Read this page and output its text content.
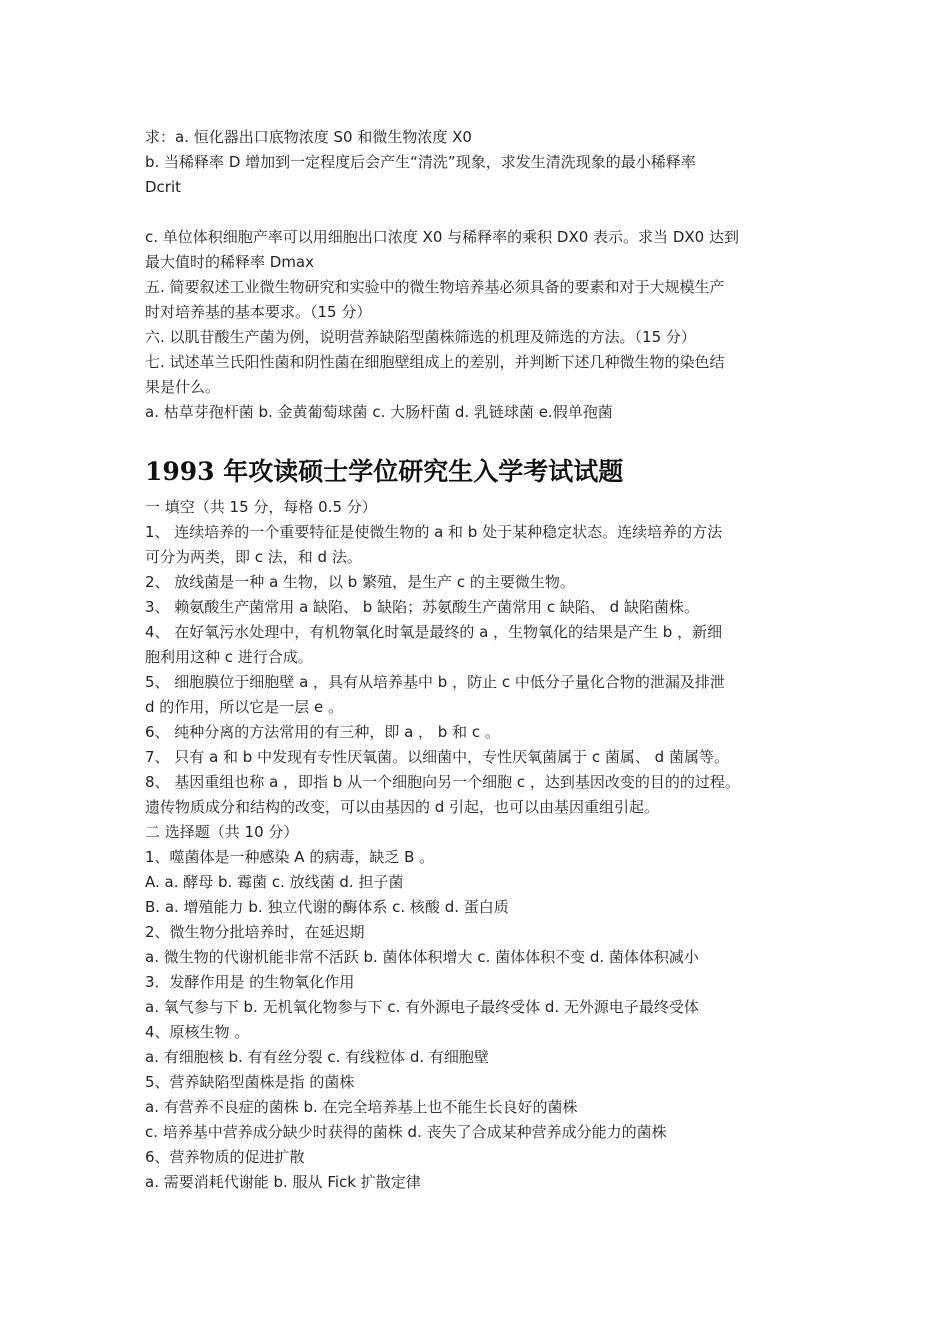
求：a. 恒化器出口底物浓度 S0 和微生物浓度 X0
b. 当稀释率 D 增加到一定程度后会产生“清洗”现象，求发生清洗现象的最小稀释率
Dcrit

c. 单位体积细胞产率可以用细胞出口浓度 X0 与稀释率的乘积 DX0 表示。求当 DX0 达到
最大值时的稀释率 Dmax
五. 简要叙述工业微生物研究和实验中的微生物培养基必须具备的要素和对于大规模生产
时对培养基的基本要求。（15 分）
六. 以肌苷酸生产菌为例，说明营养缺陷型菌株筛选的机理及筛选的方法。（15 分）
七. 试述革兰氏阳性菌和阴性菌在细胞壁组成上的差别，并判断下述几种微生物的染色结
果是什么。
a. 枯草芽孢杆菌 b. 金黄葡萄球菌 c. 大肠杆菌 d. 乳链球菌 e.假单孢菌
1993 年攻读硕士学位研究生入学考试试题
一 填空（共 15 分，每格 0.5 分）
1、 连续培养的一个重要特征是使微生物的 a 和 b 处于某种稳定状态。连续培养的方法
可分为两类，即 c 法，和 d 法。
2、 放线菌是一种 a 生物，以 b 繁殖，是生产 c 的主要微生物。
3、 赖氨酸生产菌常用 a 缺陷、 b 缺陷；苏氨酸生产菌常用 c 缺陷、 d 缺陷菌株。
4、 在好氧污水处理中，有机物氧化时氧是最终的 a ，生物氧化的结果是产生 b ，新细
胞利用这种 c 进行合成。
5、 细胞膜位于细胞壁 a ，具有从培养基中 b ，防止 c 中低分子量化合物的泄漏及排泄
d 的作用，所以它是一层 e 。
6、 纯种分离的方法常用的有三种，即 a ， b 和 c 。
7、 只有 a 和 b 中发现有专性厌氧菌。以细菌中，专性厌氧菌属于 c 菌属、 d 菌属等。
8、 基因重组也称 a ，即指 b 从一个细胞向另一个细胞 c ，达到基因改变的目的的过程。
遗传物质成分和结构的改变，可以由基因的 d 引起，也可以由基因重组引起。
二 选择题（共 10 分）
1、噬菌体是一种感染 A 的病毒，缺乏 B 。
A. a. 酵母 b. 霉菌 c. 放线菌 d. 担子菌
B. a. 增殖能力 b. 独立代谢的酶体系 c. 核酸 d. 蛋白质
2、微生物分批培养时，在延迟期
a. 微生物的代谢机能非常不活跃 b. 菌体体积增大 c. 菌体体积不变 d. 菌体体积减小
3．发酵作用是 的生物氧化作用
a. 氧气参与下 b. 无机氧化物参与下 c. 有外源电子最终受体 d. 无外源电子最终受体
4、原核生物 。
a. 有细胞核 b. 有有丝分裂 c. 有线粒体 d. 有细胞壁
5、营养缺陷型菌株是指 的菌株
a. 有营养不良症的菌株 b. 在完全培养基上也不能生长良好的菌株
c. 培养基中营养成分缺少时获得的菌株 d. 丧失了合成某种营养成分能力的菌株
6、营养物质的促进扩散
a. 需要消耗代谢能 b. 服从 Fick 扩散定律
